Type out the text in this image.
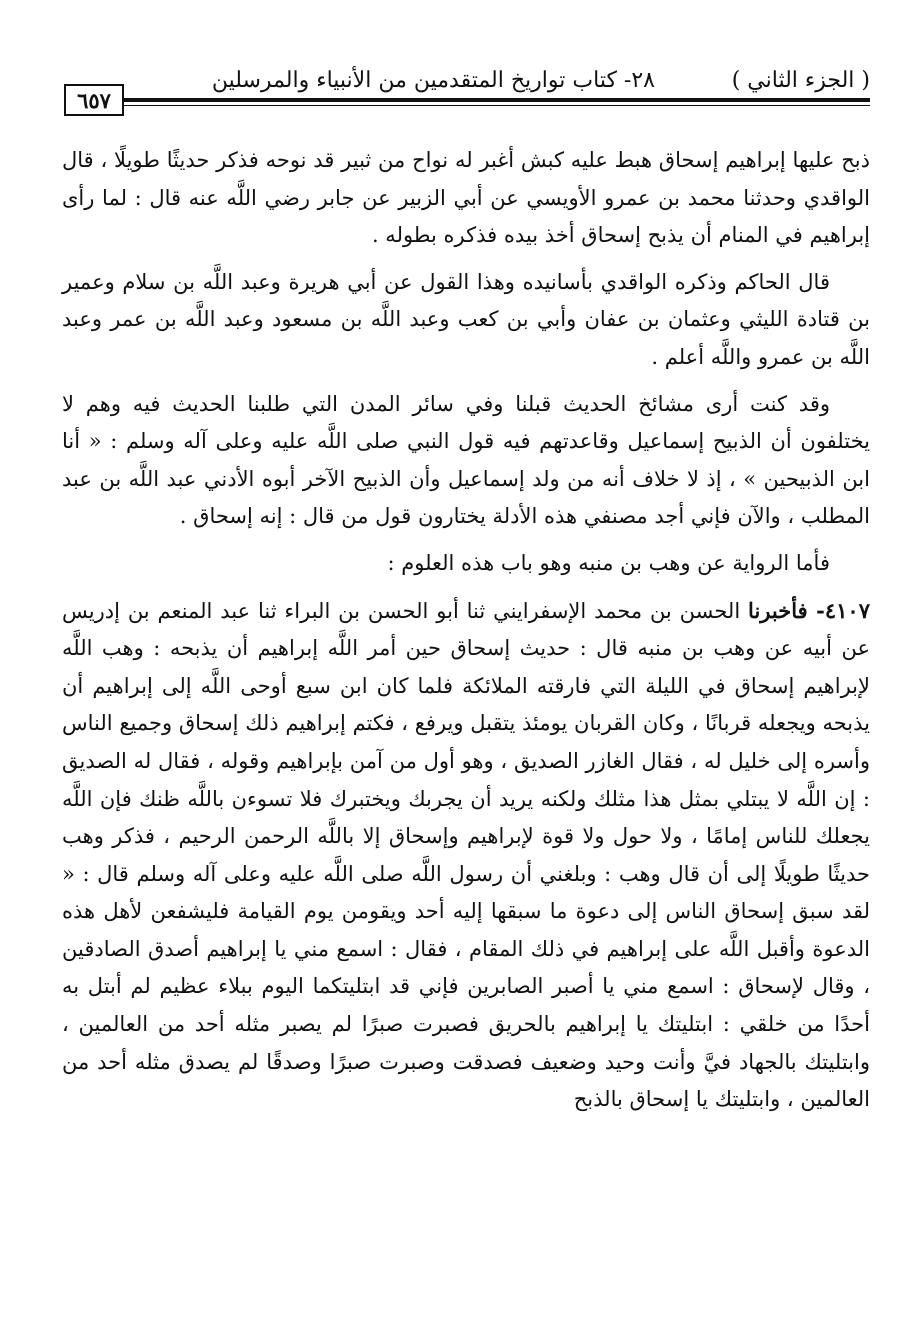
( الجزء الثاني )
٢٨- كتاب تواريخ المتقدمين من الأنبياء والمرسلين
٦٥٧

ذبح عليها إبراهيم إسحاق هبط عليه كبش أغبر له نواح من ثبير قد نوحه فذكر حديثًا طويلًا ، قال الواقدي وحدثنا محمد بن عمرو الأويسي عن أبي الزبير عن جابر رضي اللَّه عنه قال : لما رأى إبراهيم في المنام أن يذبح إسحاق أخذ بيده فذكره بطوله .

قال الحاكم وذكره الواقدي بأسانيده وهذا القول عن أبي هريرة وعبد اللَّه بن سلام وعمير بن قتادة الليثي وعثمان بن عفان وأبي بن كعب وعبد اللَّه بن مسعود وعبد اللَّه بن عمر وعبد اللَّه بن عمرو واللَّه أعلم .

وقد كنت أرى مشائخ الحديث قبلنا وفي سائر المدن التي طلبنا الحديث فيه وهم لا يختلفون أن الذبيح إسماعيل وقاعدتهم فيه قول النبي صلى اللَّه عليه وعلى آله وسلم : « أنا ابن الذبيحين » ، إذ لا خلاف أنه من ولد إسماعيل وأن الذبيح الآخر أبوه الأدني عبد اللَّه بن عبد المطلب ، والآن فإني أجد مصنفي هذه الأدلة يختارون قول من قال : إنه إسحاق .

فأما الرواية عن وهب بن منبه وهو باب هذه العلوم :

٤١٠٧- فأخبرنا الحسن بن محمد الإسفرايني ثنا أبو الحسن بن البراء ثنا عبد المنعم بن إدريس عن أبيه عن وهب بن منبه قال : حديث إسحاق حين أمر اللَّه إبراهيم أن يذبحه : وهب اللَّه لإبراهيم إسحاق في الليلة التي فارقته الملائكة فلما كان ابن سبع أوحى اللَّه إلى إبراهيم أن يذبحه ويجعله قربانًا ، وكان القربان يومئذ يتقبل ويرفع ، فكتم إبراهيم ذلك إسحاق وجميع الناس وأسره إلى خليل له ، فقال الغازر الصديق ، وهو أول من آمن بإبراهيم وقوله ، فقال له الصديق : إن اللَّه لا يبتلي بمثل هذا مثلك ولكنه يريد أن يجربك ويختبرك فلا تسوءن باللَّه ظنك فإن اللَّه يجعلك للناس إمامًا ، ولا حول ولا قوة لإبراهيم وإسحاق إلا باللَّه الرحمن الرحيم ، فذكر وهب حديثًا طويلًا إلى أن قال وهب : وبلغني أن رسول اللَّه صلى اللَّه عليه وعلى آله وسلم قال : « لقد سبق إسحاق الناس إلى دعوة ما سبقها إليه أحد ويقومن يوم القيامة فليشفعن لأهل هذه الدعوة وأقبل اللَّه على إبراهيم في ذلك المقام ، فقال : اسمع مني يا إبراهيم أصدق الصادقين ، وقال لإسحاق : اسمع مني يا أصبر الصابرين فإني قد ابتليتكما اليوم ببلاء عظيم لم أبتل به أحدًا من خلقي : ابتليتك يا إبراهيم بالحريق فصبرت صبرًا لم يصبر مثله أحد من العالمين ، وابتليتك بالجهاد فيَّ وأنت وحيد وضعيف فصدقت وصبرت صبرًا وصدقًا لم يصدق مثله أحد من العالمين ، وابتليتك يا إسحاق بالذبح
